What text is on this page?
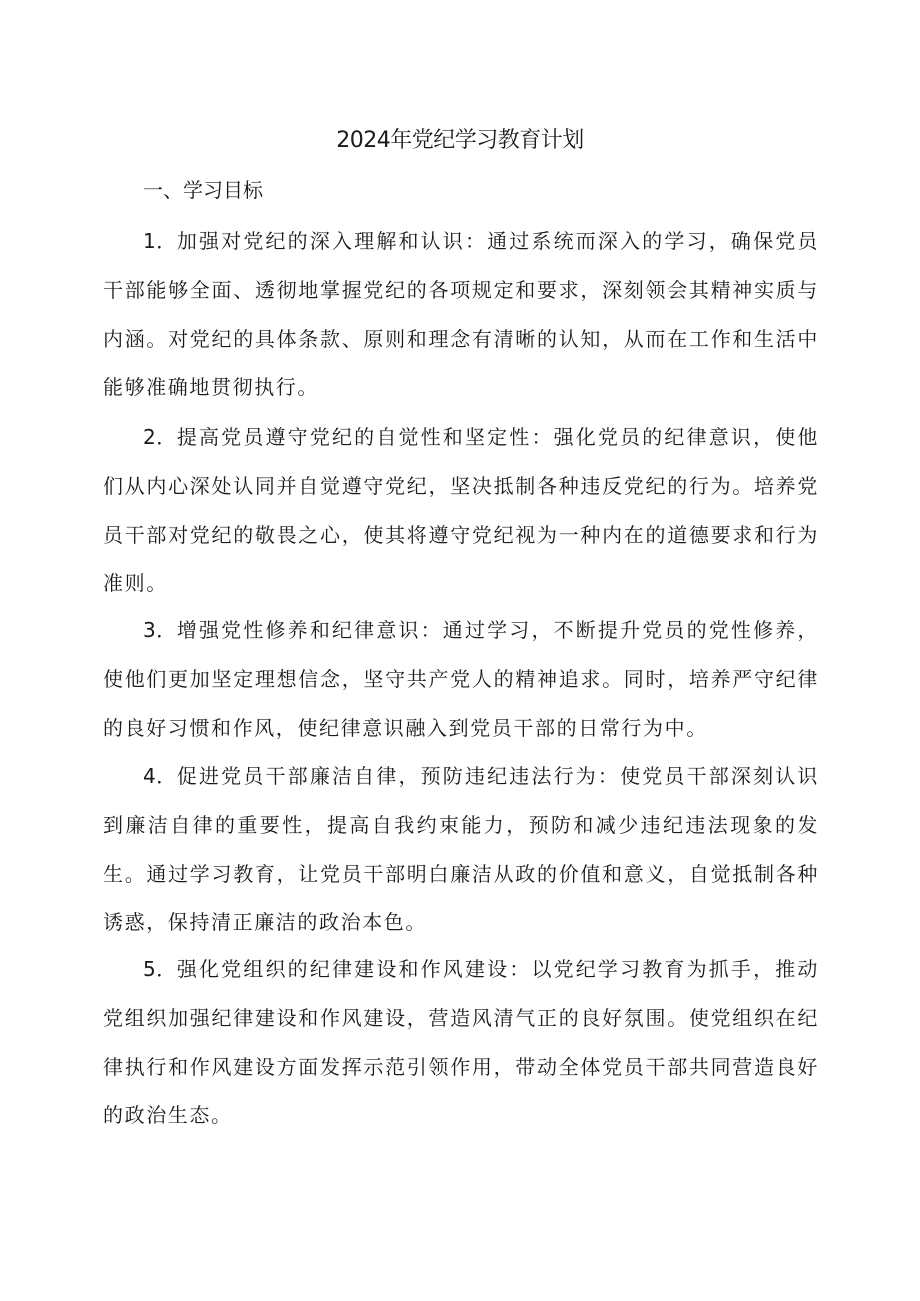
2024年党纪学习教育计划

一、学习目标

1．加强对党纪的深入理解和认识：通过系统而深入的学习，确保党员干部能够全面、透彻地掌握党纪的各项规定和要求，深刻领会其精神实质与内涵。对党纪的具体条款、原则和理念有清晰的认知，从而在工作和生活中能够准确地贯彻执行。

2．提高党员遵守党纪的自觉性和坚定性：强化党员的纪律意识，使他们从内心深处认同并自觉遵守党纪，坚决抵制各种违反党纪的行为。培养党员干部对党纪的敬畏之心，使其将遵守党纪视为一种内在的道德要求和行为准则。

3．增强党性修养和纪律意识：通过学习，不断提升党员的党性修养，使他们更加坚定理想信念，坚守共产党人的精神追求。同时，培养严守纪律的良好习惯和作风，使纪律意识融入到党员干部的日常行为中。

4．促进党员干部廉洁自律，预防违纪违法行为：使党员干部深刻认识到廉洁自律的重要性，提高自我约束能力，预防和减少违纪违法现象的发生。通过学习教育，让党员干部明白廉洁从政的价值和意义，自觉抵制各种诱惑，保持清正廉洁的政治本色。

5．强化党组织的纪律建设和作风建设：以党纪学习教育为抓手，推动党组织加强纪律建设和作风建设，营造风清气正的良好氛围。使党组织在纪律执行和作风建设方面发挥示范引领作用，带动全体党员干部共同营造良好的政治生态。
